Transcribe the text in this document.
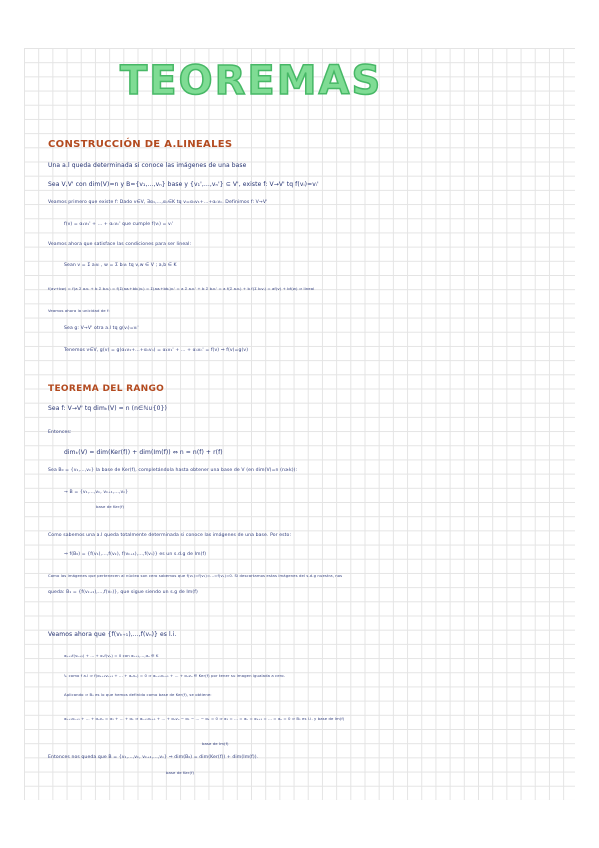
TEOREMAS
CONSTRUCCIÓN DE A.LINEALES
Una a.l queda determinada si conoce las imágenes de una base
Sea V,V' con dim(V)=n y B={v₁,...,vₙ} base y {v₁',...,vₙ'} ⊆ V', existe f: V→V' tq f(vᵢ)=vᵢ'
Veamos primero que existe f: Dado v∈V, ∃α₁,...,αₙ∈K tq v=α₁v₁+...+αₙvₙ. Definimos f: V→V'
f(v) = α₁v₁' + ... + αₙvₙ' que cumple f(vᵢ) = vᵢ'
Veamos ahora que satisface las condiciones para ser lineal:
Sean v = Σ aᵢvᵢ , w = Σ bᵢvᵢ tq v,w ∈ V ; a,b ∈ K
f(av+bw) = f(a Σ aᵢvᵢ + b Σ bᵢvᵢ) = f(Σ(aaᵢ+bbᵢ)vᵢ) = Σ(aaᵢ+bbᵢ)vᵢ' = a Σ aᵢvᵢ' + b Σ bᵢvᵢ' = a f(Σ aᵢvᵢ) + b f(Σ bᵢvᵢ) = af(v) + bf(w) ⇒ lineal
Veamos ahora la unicidad de f:
Sea g: V→V' otra a.l tq g(vᵢ)=vᵢ'
Tenemos v∈V, g(v) = g(α₁v₁+...+αₙvₙ) = α₁v₁' + ... + αₙvₙ' = f(v) ⇒ f(v)=g(v)
TEOREMA DEL RANGO
Sea f: V→V' tq dimₖ(V) = n (n∈ℕ∪{0})
Entonces:
dimₖ(V) = dim(Ker(f)) + dim(Im(f)) ⇔ n = n(f) + r(f)
Sea B₀ = {v₁,...,vₖ} la base de Ker(f), completándola hasta obtener una base de V (en dim(V)=n (n≥k)):
→ B = {v₁,...,vₖ, vₖ₊₁,...,vₙ}
base de Ker(f)
Como sabemos una a.l queda totalmente determinada si conoce las imágenes de una base. Por esto:
⇒ f(B₀) = {f(v₁),...,f(vₖ), f(vₖ₊₁),...,f(vₙ)} es un s.d.g de Im(f)
Como las imágenes que pertenecen al núcleo son cero sabemos que f(v₁)=f(v₂)=...=f(vₖ)=0. Si descartamos estas imágenes del s.d.g nuestra, nos
queda: B₁ = {f(vₖ₊₁),...,f(vₙ)}, que sigue siendo un s.g de Im(f)
Veamos ahora que {f(vₖ₊₁),...,f(vₙ)} es l.i.
αₖ₊₁f(vₖ₊₁) + ... + αₙf(vₙ) = 0 con αₖ₊₁,...,αₙ ∈ K
↳ como f a.l ⇒ f(αₖ₊₁vₖ₊₁ + ... + αₙvₙ) = 0 ⇒ αₖ₊₁vₖ₊₁ + ... + αₙvₙ ∈ Ker(f) por tener su imagen igualada a cero.
Aplicando ⇒ B₀ es lo que hemos definido como base de Ker(f), se obtiene:
αₖ₊₁vₖ₊₁ + ... + αₙvₙ = α₁ + ... + αₖ ⇒ αₖ₊₁vₖ₊₁ + ... + αₙvₙ − α₁ − ... − αₖ = 0 ⇒ α₁ = ... = αₖ = αₖ₊₁ = ... = αₙ = 0 ⇒ B₁ es l.i. y base de Im(f)
Entonces nos queda que B = {v₁,...,vₖ, vₖ₊₁,...,vₙ} ⇒ dim(B₀) = dim(Ker(f)) + dim(Im(f)).
base de Im(f)
base de Ker(f)
